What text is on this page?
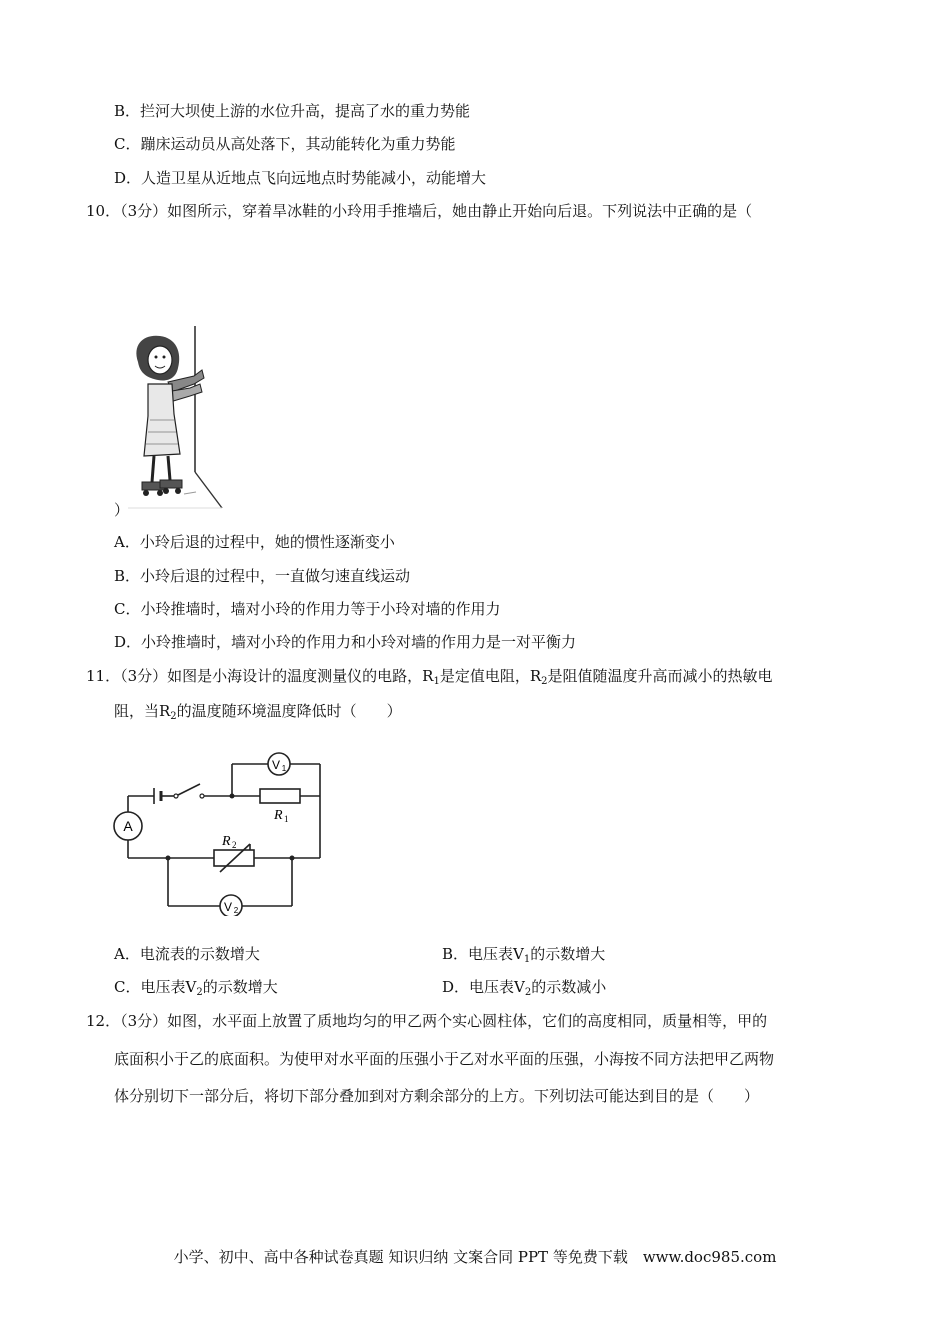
B．拦河大坝使上游的水位升高，提高了水的重力势能
C．蹦床运动员从高处落下，其动能转化为重力势能
D．人造卫星从近地点飞向远地点时势能减小，动能增大
10．（3分）如图所示，穿着旱冰鞋的小玲用手推墙后，她由静止开始向后退。下列说法中正确的是（
）
A．小玲后退的过程中，她的惯性逐渐变小
B．小玲后退的过程中，一直做匀速直线运动
C．小玲推墙时，墙对小玲的作用力等于小玲对墙的作用力
D．小玲推墙时，墙对小玲的作用力和小玲对墙的作用力是一对平衡力
11．（3分）如图是小海设计的温度测量仪的电路，$R_1$是定值电阻，$R_2$是阻值随温度升高而减小的热敏电
阻，当$R_2$的温度随环境温度降低时（　　）
A
V 1
V 2
R 1
R 2
A．电流表的示数增大	B．电压表$V_1$的示数增大
C．电压表$V_2$的示数增大	D．电压表$V_2$的示数减小
12．（3分）如图，水平面上放置了质地均匀的甲乙两个实心圆柱体，它们的高度相同，质量相等，甲的
底面积小于乙的底面积。为使甲对水平面的压强小于乙对水平面的压强，小海按不同方法把甲乙两物
体分别切下一部分后，将切下部分叠加到对方剩余部分的上方。下列切法可能达到目的是（　　）
小学、初中、高中各种试卷真题 知识归纳 文案合同 PPT 等免费下载　www.doc985.com
